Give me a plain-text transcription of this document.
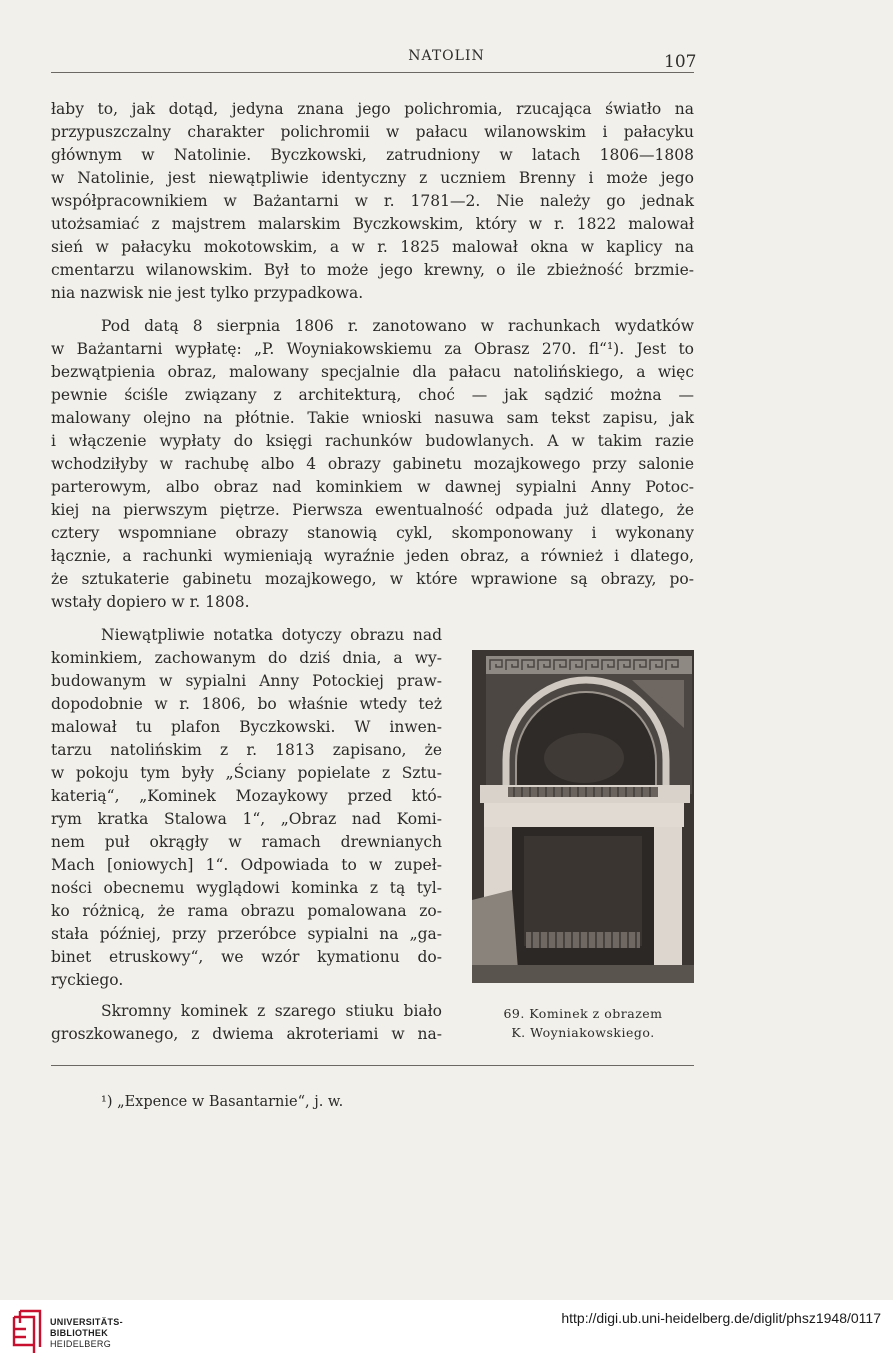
NATOLIN	107
łaby to, jak dotąd, jedyna znana jego polichromia, rzucająca światło na
przypuszczalny charakter polichromii w pałacu wilanowskim i pałacyku
głównym w Natolinie. Byczkowski, zatrudniony w latach 1806—1808
w Natolinie, jest niewątpliwie identyczny z uczniem Brenny i może jego
współpracownikiem w Bażantarni w r. 1781—2. Nie należy go jednak
utożsamiać z majstrem malarskim Byczkowskim, który w r. 1822 malował
sień w pałacyku mokotowskim, a w r. 1825 malował okna w kaplicy na
cmentarzu wilanowskim. Był to może jego krewny, o ile zbieżność brzmie-
nia nazwisk nie jest tylko przypadkowa.
Pod datą 8 sierpnia 1806 r. zanotowano w rachunkach wydatków
w Bażantarni wypłatę: „P. Woyniakowskiemu za Obrasz 270. fl“¹). Jest to
bezwątpienia obraz, malowany specjalnie dla pałacu natolińskiego, a więc
pewnie ściśle związany z architekturą, choć — jak sądzić można —
malowany olejno na płótnie. Takie wnioski nasuwa sam tekst zapisu, jak
i włączenie wypłaty do księgi rachunków budowlanych. A w takim razie
wchodziłyby w rachubę albo 4 obrazy gabinetu mozajkowego przy salonie
parterowym, albo obraz nad kominkiem w dawnej sypialni Anny Potoc-
kiej na pierwszym piętrze. Pierwsza ewentualność odpada już dlatego, że
cztery wspomniane obrazy stanowią cykl, skomponowany i wykonany
łącznie, a rachunki wymieniają wyraźnie jeden obraz, a również i dlatego,
że sztukaterie gabinetu mozajkowego, w które wprawione są obrazy, po-
wstały dopiero w r. 1808.
Niewątpliwie notatka dotyczy obrazu nad
kominkiem, zachowanym do dziś dnia, a wy-
budowanym w sypialni Anny Potockiej praw-
dopodobnie w r. 1806, bo właśnie wtedy też
malował tu plafon Byczkowski. W inwen-
tarzu natolińskim z r. 1813 zapisano, że
w pokoju tym były „Ściany popielate z Sztu-
katerią“, „Kominek Mozaykowy przed któ-
rym kratka Stalowa 1“, „Obraz nad Komi-
nem puł okrągły w ramach drewnianych
Mach [oniowych] 1“. Odpowiada to w zupeł-
ności obecnemu wyglądowi kominka z tą tyl-
ko różnicą, że rama obrazu pomalowana zo-
stała później, przy przeróbce sypialni na „ga-
binet etruskowy“, we wzór kymationu do-
ryckiego.
Skromny kominek z szarego stiuku biało
groszkowanego, z dwiema akroteriami w na-
69. Kominek z obrazem
K. Woyniakowskiego.
¹) „Expence w Basantarnie“, j. w.
UNIVERSITÄTS-
BIBLIOTHEK
HEIDELBERG
http://digi.ub.uni-heidelberg.de/diglit/phsz1948/0117
